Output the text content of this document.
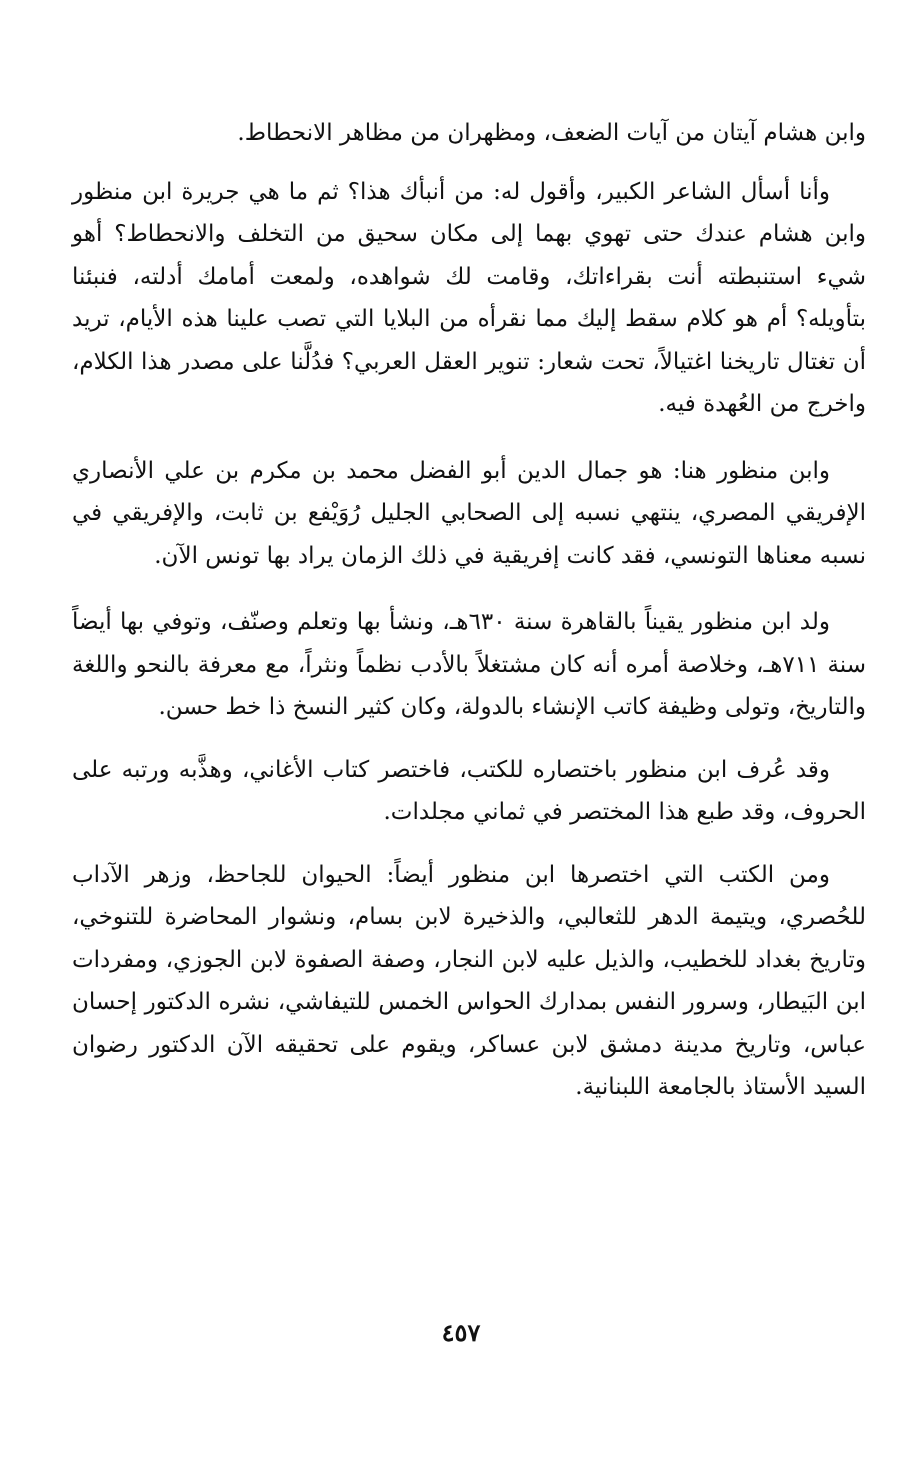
وابن هشام آيتان من آيات الضعف، ومظهران من مظاهر الانحطاط.

وأنا أسأل الشاعر الكبير، وأقول له: من أنبأك هذا؟ ثم ما هي جريرة ابن منظور وابن هشام عندك حتى تهوي بهما إلى مكان سحيق من التخلف والانحطاط؟ أهو شيء استنبطته أنت بقراءاتك، وقامت لك شواهده، ولمعت أمامك أدلته، فنبئنا بتأويله؟ أم هو كلام سقط إليك مما نقرأه من البلايا التي تصب علينا هذه الأيام، تريد أن تغتال تاريخنا اغتيالاً، تحت شعار: تنوير العقل العربي؟ فدُلَّنا على مصدر هذا الكلام، واخرج من العُهدة فيه.

وابن منظور هنا: هو جمال الدين أبو الفضل محمد بن مكرم بن علي الأنصاري الإفريقي المصري، ينتهي نسبه إلى الصحابي الجليل رُوَيْفع بن ثابت، والإفريقي في نسبه معناها التونسي، فقد كانت إفريقية في ذلك الزمان يراد بها تونس الآن.

ولد ابن منظور يقيناً بالقاهرة سنة ٦٣٠هـ، ونشأ بها وتعلم وصنّف، وتوفي بها أيضاً سنة ٧١١هـ، وخلاصة أمره أنه كان مشتغلاً بالأدب نظماً ونثراً، مع معرفة بالنحو واللغة والتاريخ، وتولى وظيفة كاتب الإنشاء بالدولة، وكان كثير النسخ ذا خط حسن.

وقد عُرف ابن منظور باختصاره للكتب، فاختصر كتاب الأغاني، وهذَّبه ورتبه على الحروف، وقد طبع هذا المختصر في ثماني مجلدات.

ومن الكتب التي اختصرها ابن منظور أيضاً: الحيوان للجاحظ، وزهر الآداب للحُصري، ويتيمة الدهر للثعالبي، والذخيرة لابن بسام، ونشوار المحاضرة للتنوخي، وتاريخ بغداد للخطيب، والذيل عليه لابن النجار، وصفة الصفوة لابن الجوزي، ومفردات ابن البَيطار، وسرور النفس بمدارك الحواس الخمس للتيفاشي، نشره الدكتور إحسان عباس، وتاريخ مدينة دمشق لابن عساكر، ويقوم على تحقيقه الآن الدكتور رضوان السيد الأستاذ بالجامعة اللبنانية.

٤٥٧
